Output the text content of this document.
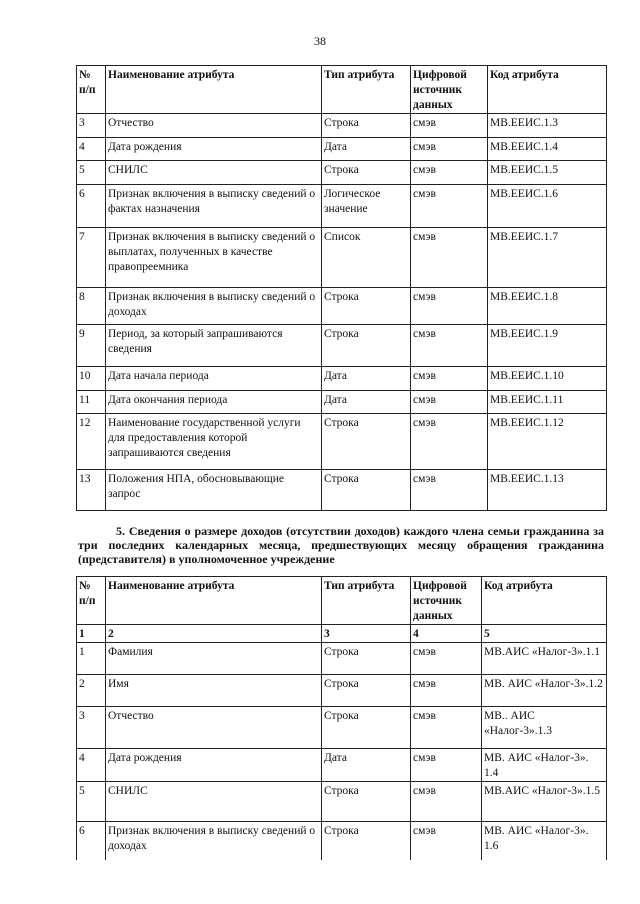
38
№ п/п	Наименование атрибута	Тип атрибута	Цифровой источник данных	Код атрибута
3	Отчество	Строка	смэв	МВ.ЕЕИС.1.3
4	Дата рождения	Дата	смэв	МВ.ЕЕИС.1.4
5	СНИЛС	Строка	смэв	МВ.ЕЕИС.1.5
6	Признак включения в выписку сведений о фактах назначения	Логическое значение	смэв	МВ.ЕЕИС.1.6
7	Признак включения в выписку сведений о выплатах, полученных в качестве правопреемника	Список	смэв	МВ.ЕЕИС.1.7
8	Признак включения в выписку сведений о доходах	Строка	смэв	МВ.ЕЕИС.1.8
9	Период, за который запрашиваются сведения	Строка	смэв	МВ.ЕЕИС.1.9
10	Дата начала периода	Дата	смэв	МВ.ЕЕИС.1.10
11	Дата окончания периода	Дата	смэв	МВ.ЕЕИС.1.11
12	Наименование государственной услуги для предоставления которой запрашиваются сведения	Строка	смэв	МВ.ЕЕИС.1.12
13	Положения НПА, обосновывающие запрос	Строка	смэв	МВ.ЕЕИС.1.13

5. Сведения о размере доходов (отсутствии доходов) каждого члена семьи гражданина за три последних календарных месяца, предшествующих месяцу обращения гражданина (представителя) в уполномоченное учреждение

№ п/п	Наименование атрибута	Тип атрибута	Цифровой источник данных	Код атрибута
1	2	3	4	5
1	Фамилия	Строка	смэв	МВ.АИС «Налог-3».1.1
2	Имя	Строка	смэв	МВ. АИС «Налог-3».1.2
3	Отчество	Строка	смэв	МВ.. АИС «Налог-3».1.3
4	Дата рождения	Дата	смэв	МВ. АИС «Налог-3». 1.4
5	СНИЛС	Строка	смэв	МВ.АИС «Налог-3».1.5
6	Признак включения в выписку сведений о доходах	Строка	смэв	МВ. АИС «Налог-3». 1.6
